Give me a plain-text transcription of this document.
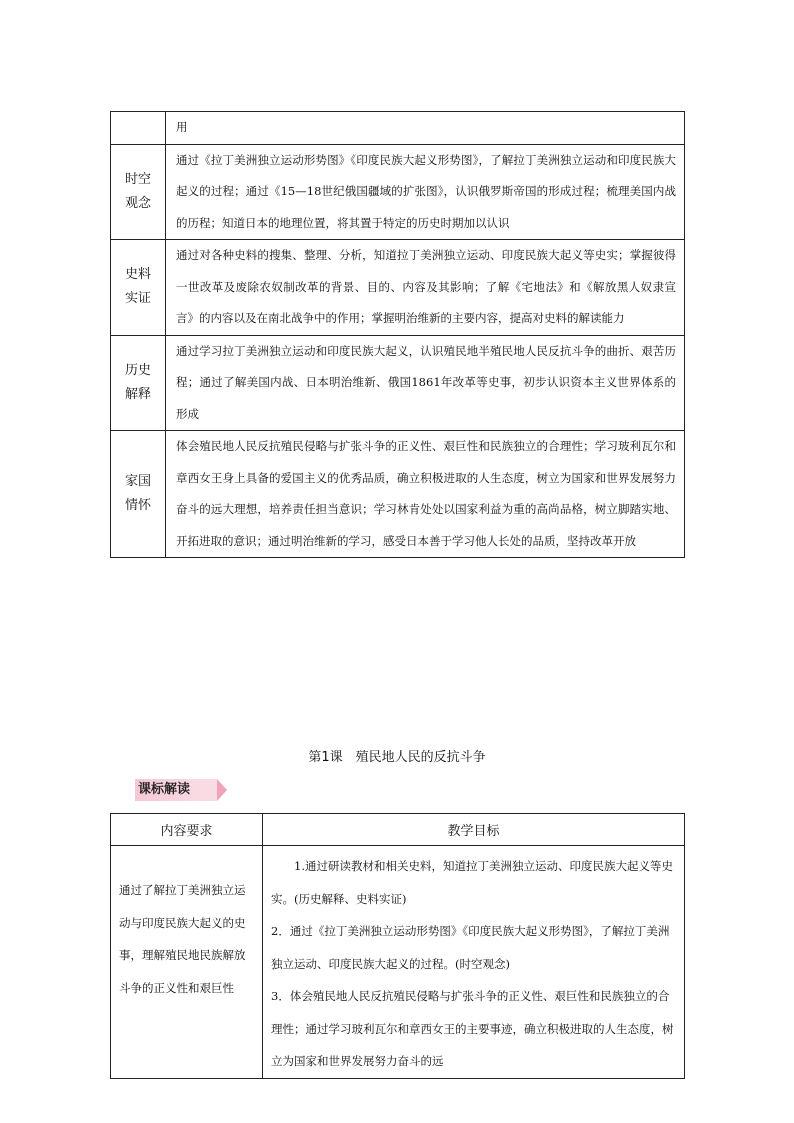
	用

时空观念	通过《拉丁美洲独立运动形势图》《印度民族大起义形势图》，了解拉丁美洲独立运动和印度民族大起义的过程；通过《15—18世纪俄国疆域的扩张图》，认识俄罗斯帝国的形成过程；梳理美国内战的历程；知道日本的地理位置，将其置于特定的历史时期加以认识

史料实证	通过对各种史料的搜集、整理、分析，知道拉丁美洲独立运动、印度民族大起义等史实；掌握彼得一世改革及废除农奴制改革的背景、目的、内容及其影响；了解《宅地法》和《解放黑人奴隶宣言》的内容以及在南北战争中的作用；掌握明治维新的主要内容，提高对史料的解读能力

历史解释	通过学习拉丁美洲独立运动和印度民族大起义，认识殖民地半殖民地人民反抗斗争的曲折、艰苦历程；通过了解美国内战、日本明治维新、俄国1861年改革等史事，初步认识资本主义世界体系的形成

家国情怀	体会殖民地人民反抗殖民侵略与扩张斗争的正义性、艰巨性和民族独立的合理性；学习玻利瓦尔和章西女王身上具备的爱国主义的优秀品质，确立积极进取的人生态度，树立为国家和世界发展努力奋斗的远大理想，培养责任担当意识；学习林肯处处以国家利益为重的高尚品格，树立脚踏实地、开拓进取的意识；通过明治维新的学习，感受日本善于学习他人长处的品质，坚持改革开放
第1课　殖民地人民的反抗斗争
课标解读
内容要求	教学目标
通过了解拉丁美洲独立运动与印度民族大起义的史事，理解殖民地民族解放斗争的正义性和艰巨性	1.通过研读教材和相关史料，知道拉丁美洲独立运动、印度民族大起义等史实。(历史解释、史料实证)
2．通过《拉丁美洲独立运动形势图》《印度民族大起义形势图》，了解拉丁美洲独立运动、印度民族大起义的过程。(时空观念)
3．体会殖民地人民反抗殖民侵略与扩张斗争的正义性、艰巨性和民族独立的合理性；通过学习玻利瓦尔和章西女王的主要事迹，确立积极进取的人生态度，树立为国家和世界发展努力奋斗的远
